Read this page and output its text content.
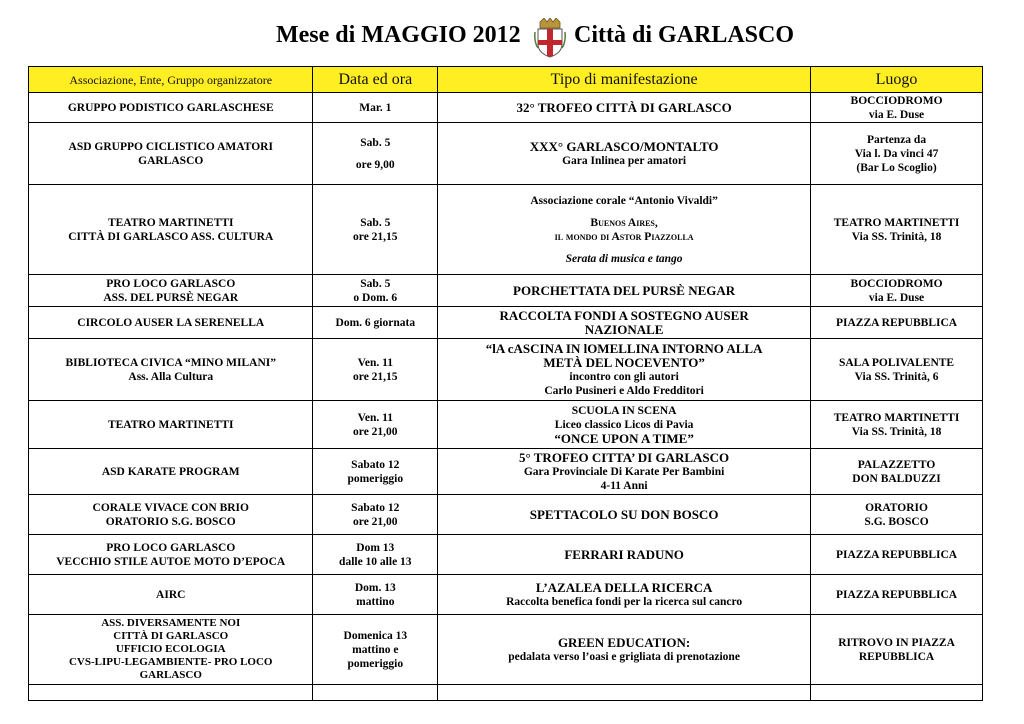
Mese di MAGGIO 2012 Città di GARLASCO
Associazione, Ente, Gruppo organizzatore	Data ed ora	Tipo di manifestazione	Luogo

GRUPPO PODISTICO GARLASCHESE	Mar. 1	32° TROFEO CITTÀ DI GARLASCO	BOCCIODROMO
via E. Duse

ASD GRUPPO CICLISTICO AMATORI
GARLASCO	Sab. 5
ore 9,00	XXX° GARLASCO/MONTALTO
Gara Inlinea per amatori	Partenza da
Via l. Da vinci 47
(Bar Lo Scoglio)

TEATRO MARTINETTI
CITTÀ DI GARLASCO ASS. CULTURA	Sab. 5
ore 21,15	Associazione corale “Antonio Vivaldi”
Buenos Aires,
il mondo di Astor Piazzolla
Serata di musica e tango	TEATRO MARTINETTI
Via SS. Trinità, 18

PRO LOCO GARLASCO
ASS. DEL PURSÈ NEGAR	Sab. 5
o Dom. 6	PORCHETTATA DEL PURSÈ NEGAR	BOCCIODROMO
via E. Duse

CIRCOLO AUSER LA SERENELLA	Dom. 6 giornata	RACCOLTA FONDI A SOSTEGNO AUSER
NAZIONALE	PIAZZA REPUBBLICA

BIBLIOTECA CIVICA “MINO MILANI”
Ass. Alla Cultura	Ven. 11
ore 21,15	“lA cASCINA IN lOMELLINA INTORNO ALLA
METÀ DEL NOCEVENTO”
incontro con gli autori
Carlo Pusineri e Aldo Fredditori	SALA POLIVALENTE
Via SS. Trinità, 6

TEATRO MARTINETTI	Ven. 11
ore 21,00	SCUOLA IN SCENA
Liceo classico Licos di Pavia
“ONCE UPON A TIME”	TEATRO MARTINETTI
Via SS. Trinità, 18

ASD KARATE PROGRAM	Sabato 12
pomeriggio	5° TROFEO CITTA’ DI GARLASCO
Gara Provinciale Di Karate Per Bambini
4-11 Anni	PALAZZETTO
DON BALDUZZI

CORALE VIVACE CON BRIO
ORATORIO S.G. BOSCO	Sabato 12
ore 21,00	SPETTACOLO SU DON BOSCO	ORATORIO
S.G. BOSCO

PRO LOCO GARLASCO
VECCHIO STILE AUTOE MOTO D’EPOCA	Dom 13
dalle 10 alle 13	FERRARI RADUNO	PIAZZA REPUBBLICA

AIRC	Dom. 13
mattino	L’AZALEA DELLA RICERCA
Raccolta benefica fondi per la ricerca sul cancro	PIAZZA REPUBBLICA

ASS. DIVERSAMENTE NOI
CITTÀ DI GARLASCO
UFFICIO ECOLOGIA
CVS-LIPU-LEGAMBIENTE- PRO LOCO
GARLASCO	Domenica 13
mattino e
pomeriggio	GREEN EDUCATION:
pedalata verso l’oasi e grigliata di prenotazione	RITROVO IN PIAZZA
REPUBBLICA
